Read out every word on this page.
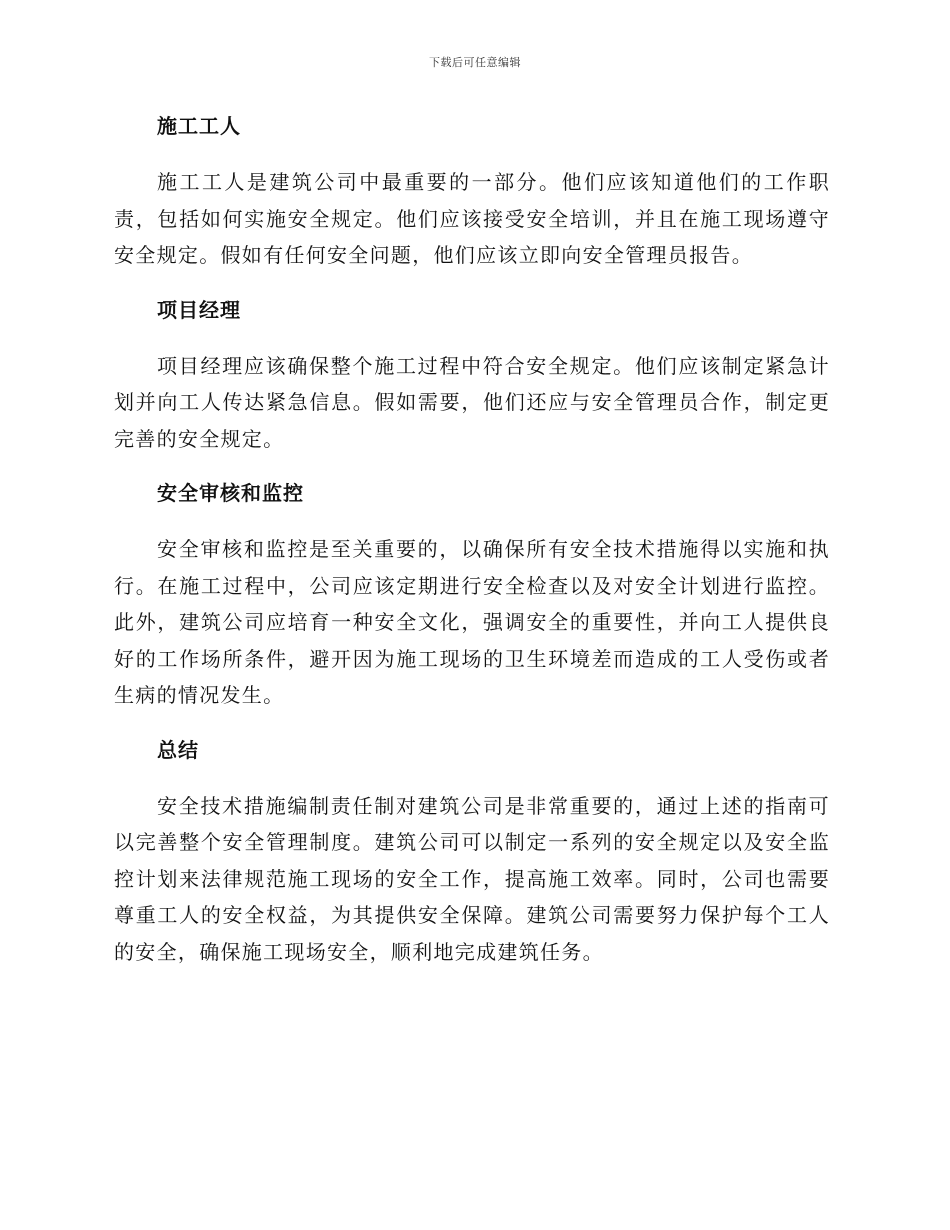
下载后可任意编辑
施工工人

施工工人是建筑公司中最重要的一部分。他们应该知道他们的工作职责，包括如何实施安全规定。他们应该接受安全培训，并且在施工现场遵守安全规定。假如有任何安全问题，他们应该立即向安全管理员报告。

项目经理

项目经理应该确保整个施工过程中符合安全规定。他们应该制定紧急计划并向工人传达紧急信息。假如需要，他们还应与安全管理员合作，制定更完善的安全规定。

安全审核和监控

安全审核和监控是至关重要的，以确保所有安全技术措施得以实施和执行。在施工过程中，公司应该定期进行安全检查以及对安全计划进行监控。此外，建筑公司应培育一种安全文化，强调安全的重要性，并向工人提供良好的工作场所条件，避开因为施工现场的卫生环境差而造成的工人受伤或者生病的情况发生。

总结

安全技术措施编制责任制对建筑公司是非常重要的，通过上述的指南可以完善整个安全管理制度。建筑公司可以制定一系列的安全规定以及安全监控计划来法律规范施工现场的安全工作，提高施工效率。同时，公司也需要尊重工人的安全权益，为其提供安全保障。建筑公司需要努力保护每个工人的安全，确保施工现场安全，顺利地完成建筑任务。
